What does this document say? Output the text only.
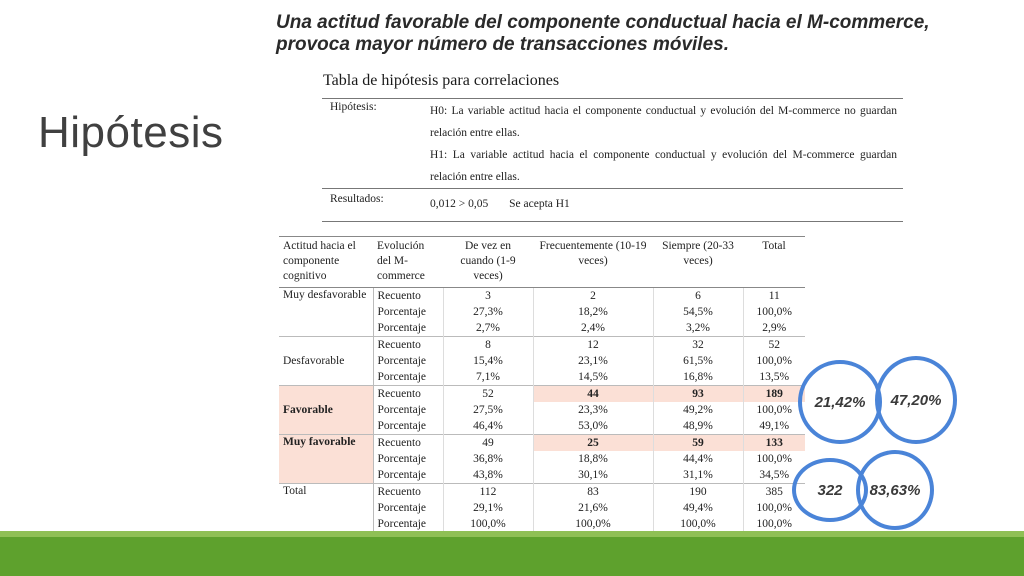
Hipótesis
Una actitud favorable del componente conductual hacia el M-commerce, provoca mayor número de transacciones móviles.
Tabla de hipótesis para correlaciones
Hipótesis:	H0: La variable actitud hacia el componente conductual y evolución del M-commerce no guardan relación entre ellas.
H1: La variable actitud hacia el componente conductual y evolución del M-commerce guardan relación entre ellas.
Resultados:	0,012 > 0,05 Se acepta H1
Actitud hacia el componente cognitivo	Evolución del M-commerce	De vez en cuando (1-9 veces)	Frecuentemente (10-19 veces)	Siempre (20-33 veces)	Total
Muy desfavorable	Recuento	3	2	6	11
	Porcentaje	27,3%	18,2%	54,5%	100,0%
	Porcentaje	2,7%	2,4%	3,2%	2,9%
Desfavorable	Recuento	8	12	32	52
	Porcentaje	15,4%	23,1%	61,5%	100,0%
	Porcentaje	7,1%	14,5%	16,8%	13,5%
Favorable	Recuento	52	44	93	189
	Porcentaje	27,5%	23,3%	49,2%	100,0%
	Porcentaje	46,4%	53,0%	48,9%	49,1%
Muy favorable	Recuento	49	25	59	133
	Porcentaje	36,8%	18,8%	44,4%	100,0%
	Porcentaje	43,8%	30,1%	31,1%	34,5%
Total	Recuento	112	83	190	385
	Porcentaje	29,1%	21,6%	49,4%	100,0%
	Porcentaje	100,0%	100,0%	100,0%	100,0%
21,42%	47,20%
322	83,63%
